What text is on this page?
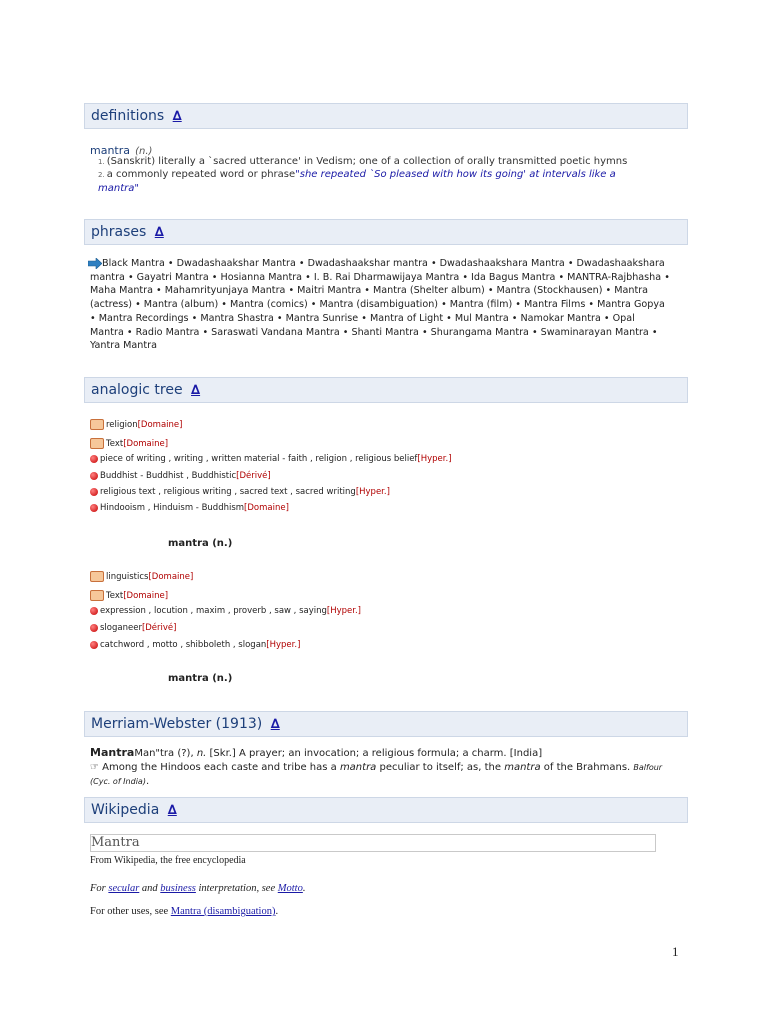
definitions ∆
mantra (n.)
1. (Sanskrit) literally a `sacred utterance' in Vedism; one of a collection of orally transmitted poetic hymns
2. a commonly repeated word or phrase"she repeated `So pleased with how its going' at intervals like a mantra"
phrases ∆
Black Mantra • Dwadashaakshar Mantra • Dwadashaakshar mantra • Dwadashaakshara Mantra • Dwadashaakshara mantra • Gayatri Mantra • Hosianna Mantra • I. B. Rai Dharmawijaya Mantra • Ida Bagus Mantra • MANTRA-Rajbhasha • Maha Mantra • Mahamrityunjaya Mantra • Maitri Mantra • Mantra (Shelter album) • Mantra (Stockhausen) • Mantra (actress) • Mantra (album) • Mantra (comics) • Mantra (disambiguation) • Mantra (film) • Mantra Films • Mantra Gopya • Mantra Recordings • Mantra Shastra • Mantra Sunrise • Mantra of Light • Mul Mantra • Namokar Mantra • Opal Mantra • Radio Mantra • Saraswati Vandana Mantra • Shanti Mantra • Shurangama Mantra • Swaminarayan Mantra • Yantra Mantra
analogic tree ∆
religion[Domaine]
Text[Domaine]
piece of writing , writing , written material - faith , religion , religious belief[Hyper.]
Buddhist - Buddhist , Buddhistic[Dérivé]
religious text , religious writing , sacred text , sacred writing[Hyper.]
Hindooism , Hinduism - Buddhism[Domaine]
mantra (n.)
linguistics[Domaine]
Text[Domaine]
expression , locution , maxim , proverb , saw , saying[Hyper.]
sloganeer[Dérivé]
catchword , motto , shibboleth , slogan[Hyper.]
mantra (n.)
Merriam-Webster (1913) ∆
MantraMan"tra (?), n. [Skr.] A prayer; an invocation; a religious formula; a charm. [India]
☞ Among the Hindoos each caste and tribe has a mantra peculiar to itself; as, the mantra of the Brahmans. Balfour (Cyc. of India).
Wikipedia ∆
Mantra
From Wikipedia, the free encyclopedia
For secular and business interpretation, see Motto.
For other uses, see Mantra (disambiguation).
1
